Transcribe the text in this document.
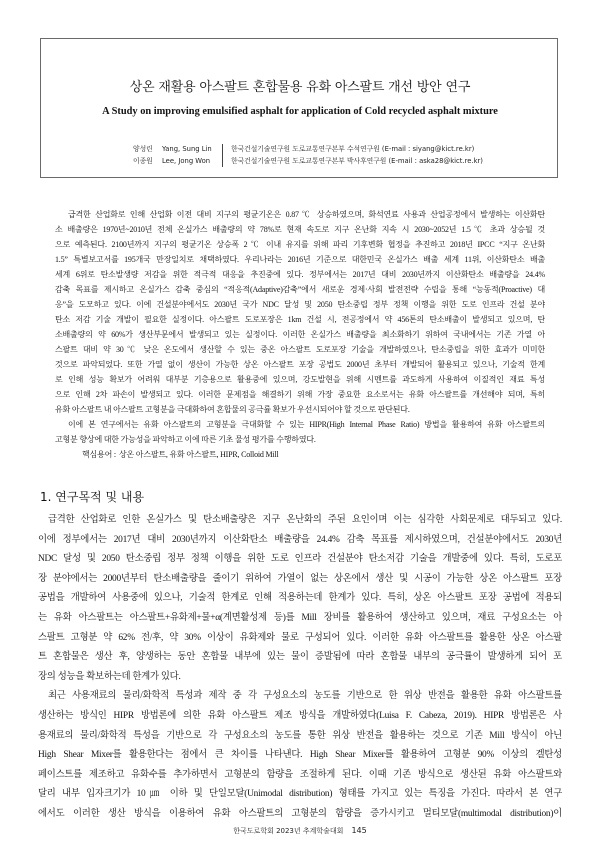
상온 재활용 아스팔트 혼합물용 유화 아스팔트 개선 방안 연구
A Study on improving emulsified asphalt for application of Cold recycled asphalt mixture
양성린 Yang, Sung Lin	한국건설기술연구원 도로교통연구본부 수석연구원 (E-mail : siyang@kict.re.kr)
이종원 Lee, Jong Won	한국건설기술연구원 도로교통연구본부 박사후연구원 (E-mail : aska28@kict.re.kr)
급격한 산업화로 인해 산업화 이전 대비 지구의 평균기온은 0.87℃ 상승하였으며, 화석연료 사용과 산업공정에서 발생하는 이산화탄
소 배출량은 1970년~2010년 전체 온실가스 배출량의 약 78%로 현재 속도로 지구 온난화 지속 시 2030~2052년 1.5℃ 초과 상승될 것
으로 예측된다. 2100년까지 지구의 평균기온 상승폭 2℃ 이내 유지를 위해 파리 기후변화 협정을 추진하고 2018년 IPCC “지구 온난화
1.5” 특별보고서를 195개국 만장일치로 채택하였다. 우리나라는 2016년 기준으로 대한민국 온실가스 배출 세계 11위, 이산화탄소 배출
세계 6위로 탄소발생량 저감을 위한 적극적 대응을 추진중에 있다. 정부에서는 2017년 대비 2030년까지 이산화탄소 배출량을 24.4%
감축 목표를 제시하고 온실가스 감축 중심의 “적응적(Adaptive)감축”에서 새로운 경제·사회 발전전략 수립을 통해 “능동적(Proactive) 대
응”을 도모하고 있다. 이에 건설분야에서도 2030년 국가 NDC 달성 및 2050 탄소중립 정부 정책 이행을 위한 도로 인프라 건설 분야
탄소 저감 기술 개발이 필요한 실정이다. 아스팔트 도로포장은 1km 건설 시, 전공정에서 약 456톤의 탄소배출이 발생되고 있으며, 탄
소배출량의 약 60%가 생산부문에서 발생되고 있는 실정이다. 이러한 온실가스 배출량을 최소화하기 위하여 국내에서는 기존 가열 아
스팔트 대비 약 30℃ 낮은 온도에서 생산할 수 있는 중온 아스팔트 도로포장 기술을 개발하였으나, 탄소중립을 위한 효과가 미미한
것으로 파악되었다. 또한 가열 없이 생산이 가능한 상온 아스팔트 포장 공법도 2000년 초부터 개발되어 활용되고 있으나, 기술적 한계
로 인해 성능 확보가 어려워 대부분 기층용으로 활용중에 있으며, 강도발현을 위해 시멘트를 과도하게 사용하여 이질적인 재료 특성
으로 인해 2차 파손이 발생되고 있다. 이러한 문제점을 해결하기 위해 가장 중요한 요소로서는 유화 아스팔트를 개선해야 되며, 특히
유화 아스팔트 내 아스팔트 고형분을 극대화하여 혼합물의 공극률 확보가 우선시되어야 할 것으로 판단된다.
이에 본 연구에서는 유화 아스팔트의 고형분을 극대화할 수 있는 HIPR(High Internal Phase Ratio) 방법을 활용하여 유화 아스팔트의
고형분 향상에 대한 가능성을 파악하고 이에 따른 기초 물성 평가를 수행하였다.
핵심용어 : 상온 아스팔트, 유화 아스팔트, HIPR, Colloid Mill
1. 연구목적 및 내용
급격한 산업화로 인한 온실가스 및 탄소배출량은 지구 온난화의 주된 요인이며 이는 심각한 사회문제로 대두되고 있다.
이에 정부에서는 2017년 대비 2030년까지 이산화탄소 배출량을 24.4% 감축 목표를 제시하였으며, 건설분야에서도 2030년
NDC 달성 및 2050 탄소중립 정부 정책 이행을 위한 도로 인프라 건설분야 탄소저감 기술을 개발중에 있다. 특히, 도로포
장 분야에서는 2000년부터 탄소배출량을 줄이기 위하여 가열이 없는 상온에서 생산 및 시공이 가능한 상온 아스팔트 포장
공법을 개발하여 사용중에 있으나, 기술적 한계로 인해 적용하는데 한계가 있다. 특히, 상온 아스팔트 포장 공법에 적용되
는 유화 아스팔트는 아스팔트+유화제+물+α(계면활성제 등)를 Mill 장비를 활용하여 생산하고 있으며, 재료 구성요소는 아
스팔트 고형분 약 62% 전/후, 약 30% 이상이 유화제와 물로 구성되어 있다. 이러한 유화 아스팔트를 활용한 상온 아스팔
트 혼합물은 생산 후, 양생하는 동안 혼합물 내부에 있는 물이 증발됨에 따라 혼합물 내부의 공극률이 발생하게 되어 포
장의 성능을 확보하는데 한계가 있다.
최근 사용재료의 물리/화학적 특성과 제작 중 각 구성요소의 농도를 기반으로 한 위상 반전을 활용한 유화 아스팔트를
생산하는 방식인 HIPR 방법론에 의한 유화 아스팔트 제조 방식을 개발하였다(Luisa F. Cabeza, 2019). HIPR 방법론은 사
용재료의 물리/화학적 특성을 기반으로 각 구성요소의 농도를 통한 위상 반전을 활용하는 것으로 기존 Mill 방식이 아닌
High Shear Mixer를 활용한다는 점에서 큰 차이를 나타낸다. High Shear Mixer를 활용하여 고형분 90% 이상의 겔탄성
페이스트를 제조하고 유화수를 추가하면서 고형분의 함량을 조절하게 된다. 이때 기존 방식으로 생산된 유화 아스팔트와
달리 내부 입자크기가 10㎛ 이하 및 단일모달(Unimodal distribution) 형태를 가지고 있는 특징을 가진다. 따라서 본 연구
에서도 이러한 생산 방식을 이용하여 유화 아스팔트의 고형분의 함량을 증가시키고 멀티모달(multimodal distribution)이
한국도로학회 2023년 추계학술대회 145
